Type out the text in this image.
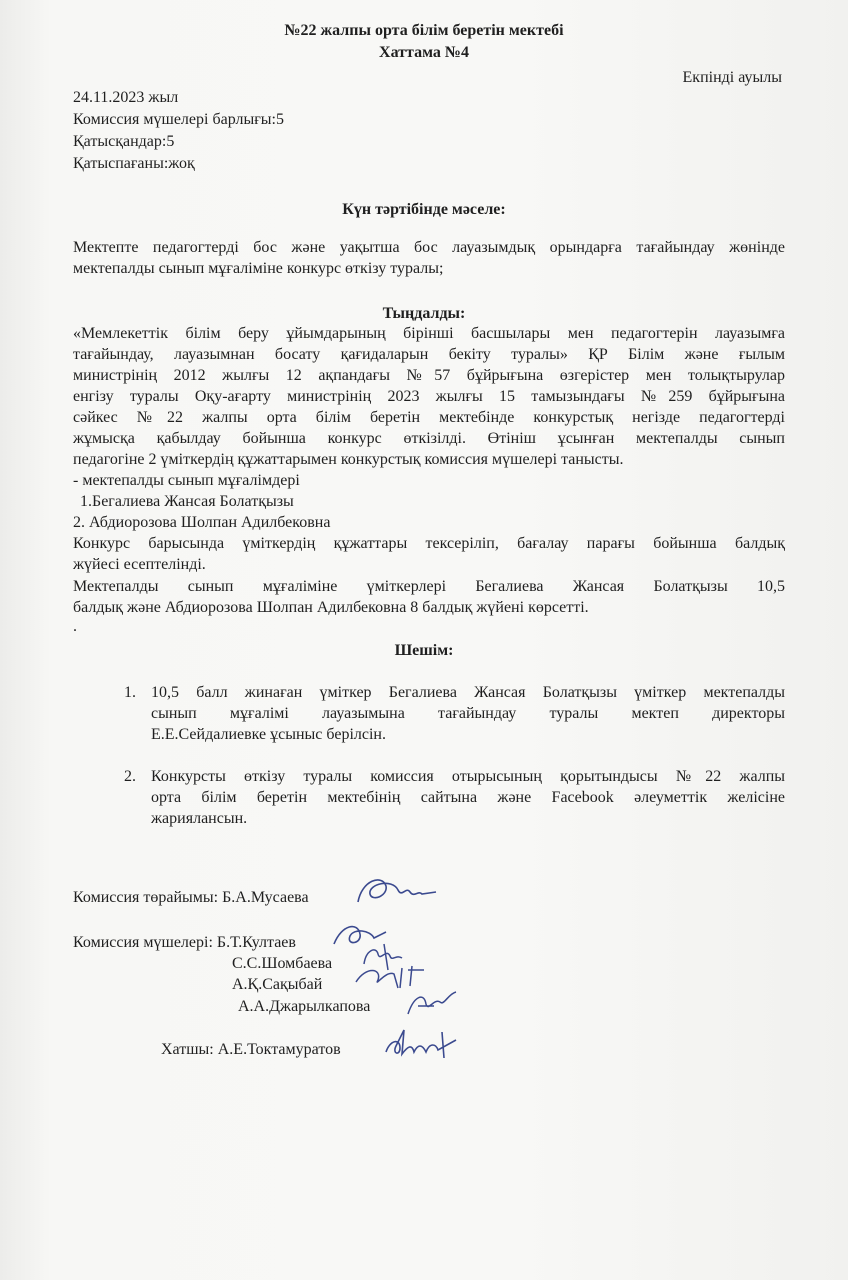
№22 жалпы орта білім беретін мектебі
Хаттама №4
Екпінді ауылы
24.11.2023 жыл
Комиссия мүшелері барлығы:5
Қатысқандар:5
Қатыспағаны:жоқ
Күн тәртібінде мәселе:
Мектепте педагогтерді бос және уақытша бос лауазымдық орындарға тағайындау жөнінде
мектепалды сынып мұғаліміне конкурс өткізу туралы;
Тыңдалды:
«Мемлекеттік білім беру ұйымдарының бірінші басшылары мен педагогтерін лауазымға
тағайындау, лауазымнан босату қағидаларын бекіту туралы» ҚР Білім және ғылым
министрінің 2012 жылғы 12 ақпандағы №57 бұйрығына өзгерістер мен толықтырулар
енгізу туралы Оқу-ағарту министрінің 2023 жылғы 15 тамызындағы №259 бұйрығына
сәйкес №22 жалпы орта білім беретін мектебінде конкурстық негізде педагогтерді
жұмысқа қабылдау бойынша конкурс өткізілді. Өтініш ұсынған мектепалды сынып
педагогіне 2 үміткердің құжаттарымен конкурстық комиссия мүшелері танысты.
- мектепалды сынып мұғалімдері
1.Бегалиева Жансая Болатқызы
2. Абдиорозова Шолпан Адилбековна
Конкурс барысында үміткердің құжаттары тексеріліп, бағалау парағы бойынша балдық
жүйесі есептелінді.
Мектепалды сынып мұғаліміне үміткерлері Бегалиева Жансая Болатқызы 10,5
балдық және Абдиорозова Шолпан Адилбековна 8 балдық жүйені көрсетті.
.
Шешім:
1. 10,5 балл жинаған үміткер Бегалиева Жансая Болатқызы үміткер мектепалды
сынып мұғалімі лауазымына тағайындау туралы мектеп директоры
Е.Е.Сейдалиевке ұсыныс берілсін.
2. Конкурсты өткізу туралы комиссия отырысының қорытындысы №22 жалпы
орта білім беретін мектебінің сайтына және Facebook әлеуметтік желісіне
жариялансын.
Комиссия төрайымы: Б.А.Мусаева
Комиссия мүшелері: Б.Т.Култаев
С.С.Шомбаева
А.Қ.Сақыбай
А.А.Джарылкапова
Хатшы: А.Е.Токтамуратов
